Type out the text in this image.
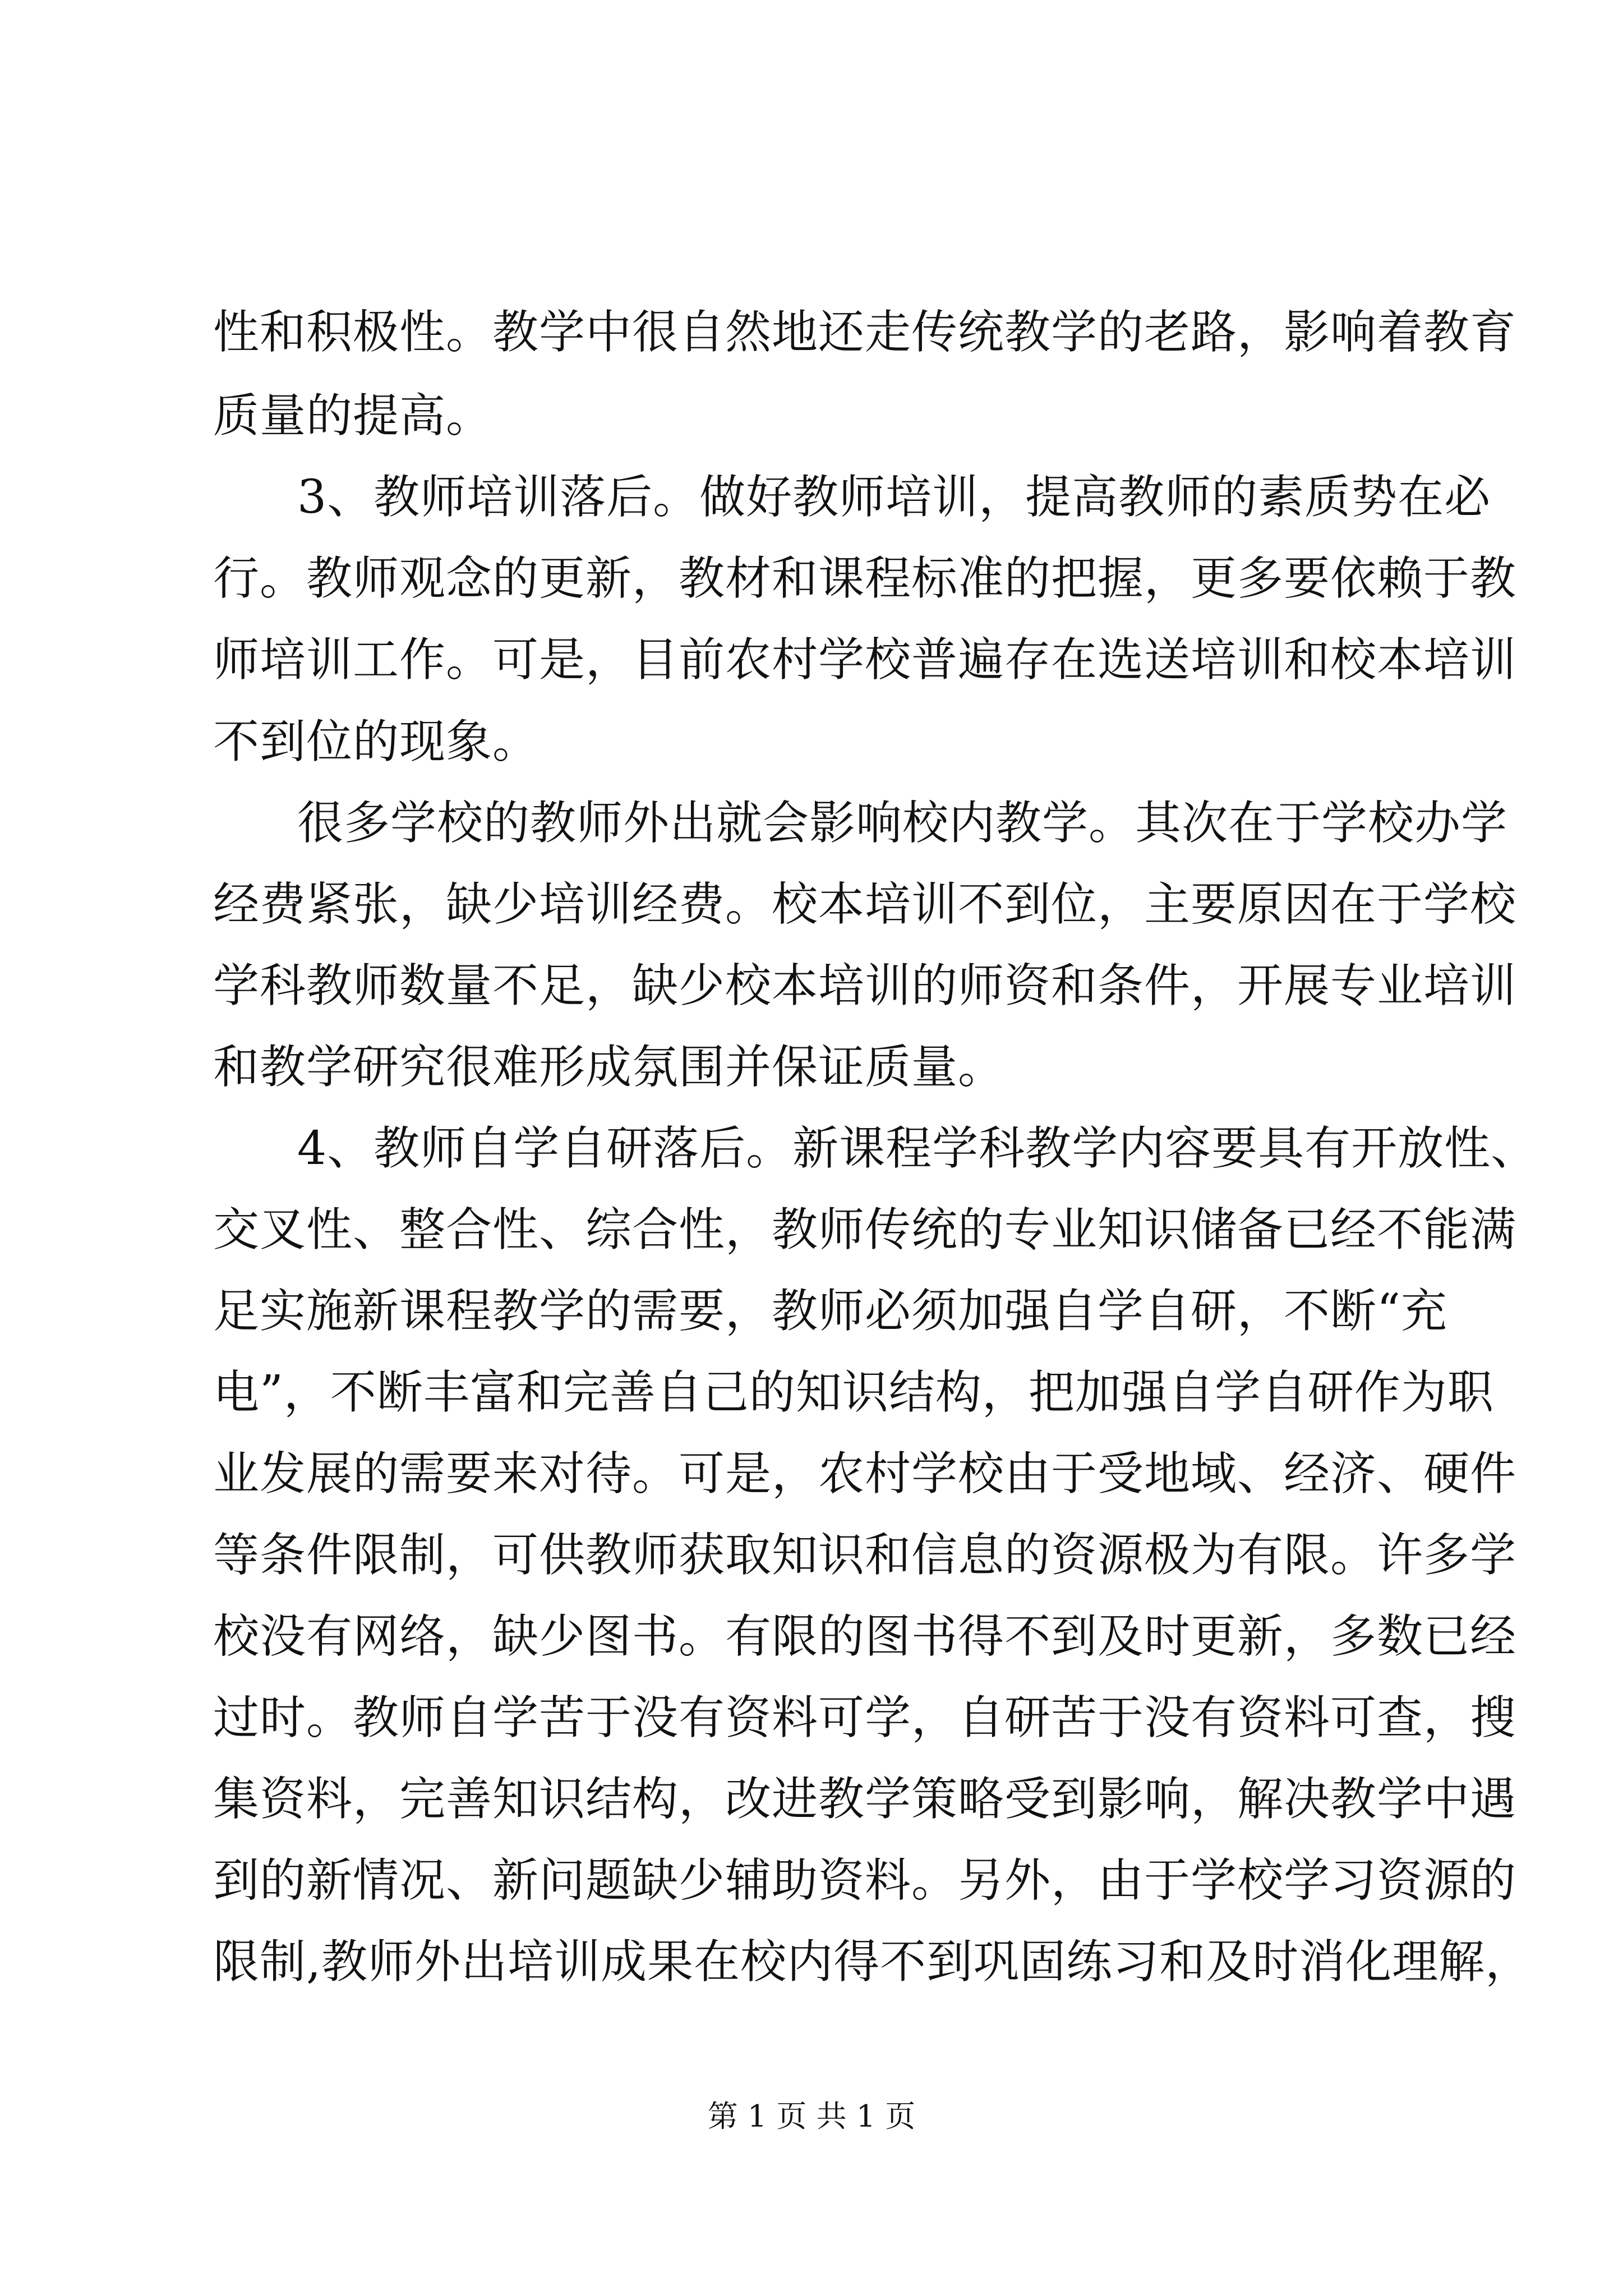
性和积极性。教学中很自然地还走传统教学的老路，影响着教育
质量的提高。
3、教师培训落后。做好教师培训，提高教师的素质势在必
行。教师观念的更新，教材和课程标准的把握，更多要依赖于教
师培训工作。可是，目前农村学校普遍存在选送培训和校本培训
不到位的现象。
很多学校的教师外出就会影响校内教学。其次在于学校办学
经费紧张，缺少培训经费。校本培训不到位，主要原因在于学校
学科教师数量不足，缺少校本培训的师资和条件，开展专业培训
和教学研究很难形成氛围并保证质量。
4、教师自学自研落后。新课程学科教学内容要具有开放性、
交叉性、整合性、综合性，教师传统的专业知识储备已经不能满
足实施新课程教学的需要，教师必须加强自学自研，不断“充
电”，不断丰富和完善自己的知识结构，把加强自学自研作为职
业发展的需要来对待。可是，农村学校由于受地域、经济、硬件
等条件限制，可供教师获取知识和信息的资源极为有限。许多学
校没有网络，缺少图书。有限的图书得不到及时更新，多数已经
过时。教师自学苦于没有资料可学，自研苦于没有资料可查，搜
集资料，完善知识结构，改进教学策略受到影响，解决教学中遇
到的新情况、新问题缺少辅助资料。另外，由于学校学习资源的
限制,教师外出培训成果在校内得不到巩固练习和及时消化理解，
第 1 页 共 1 页
